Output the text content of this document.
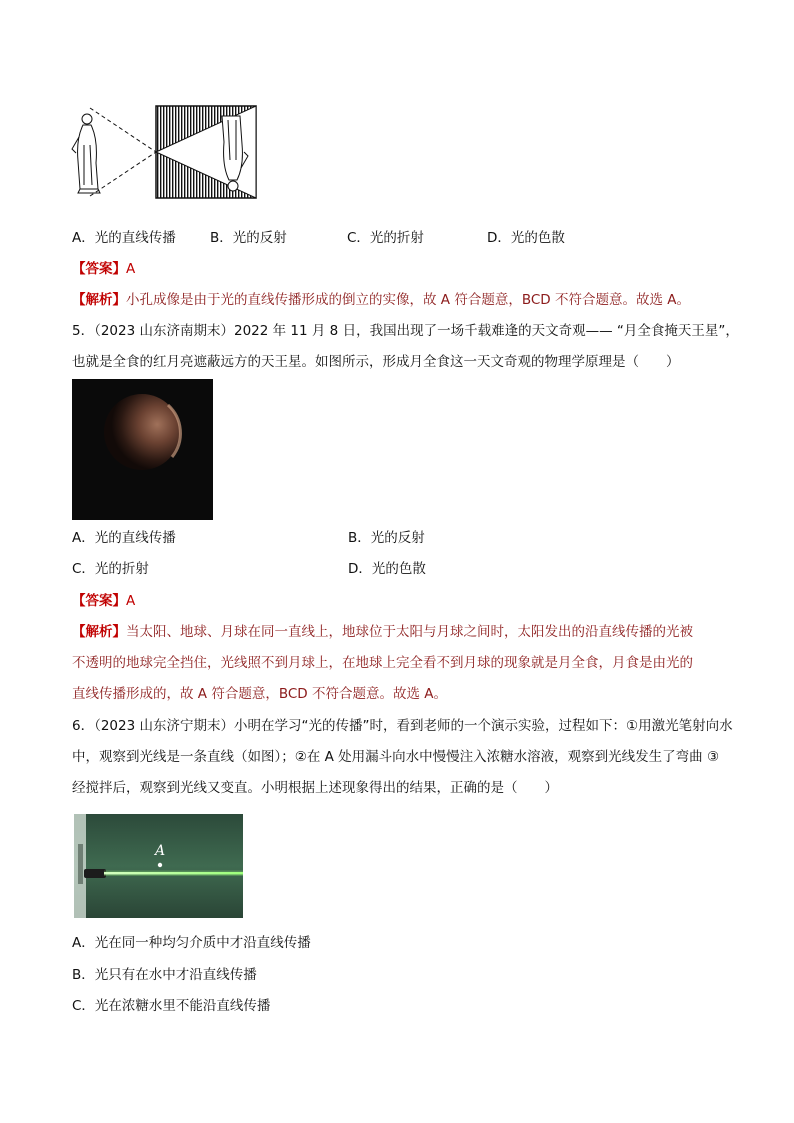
A．光的直线传播	B．光的反射	C．光的折射	D．光的色散
【答案】A
【解析】小孔成像是由于光的直线传播形成的倒立的实像，故 A 符合题意，BCD 不符合题意。故选 A。
5．（2023 山东济南期末）2022 年 11 月 8 日，我国出现了一场千载难逢的天文奇观—— “月全食掩天王星”，
也就是全食的红月亮遮蔽远方的天王星。如图所示，形成月全食这一天文奇观的物理学原理是（　　）
A．光的直线传播	B．光的反射
C．光的折射	D．光的色散
【答案】A
【解析】当太阳、地球、月球在同一直线上，地球位于太阳与月球之间时，太阳发出的沿直线传播的光被
不透明的地球完全挡住，光线照不到月球上，在地球上完全看不到月球的现象就是月全食，月食是由光的
直线传播形成的，故 A 符合题意，BCD 不符合题意。故选 A。
6．（2023 山东济宁期末）小明在学习“光的传播”时，看到老师的一个演示实验，过程如下：①用激光笔射向水
中，观察到光线是一条直线（如图）；②在 A 处用漏斗向水中慢慢注入浓糖水溶液，观察到光线发生了弯曲 ③
经搅拌后，观察到光线又变直。小明根据上述现象得出的结果，正确的是（　　）
A
A．光在同一种均匀介质中才沿直线传播
B．光只有在水中才沿直线传播
C．光在浓糖水里不能沿直线传播
